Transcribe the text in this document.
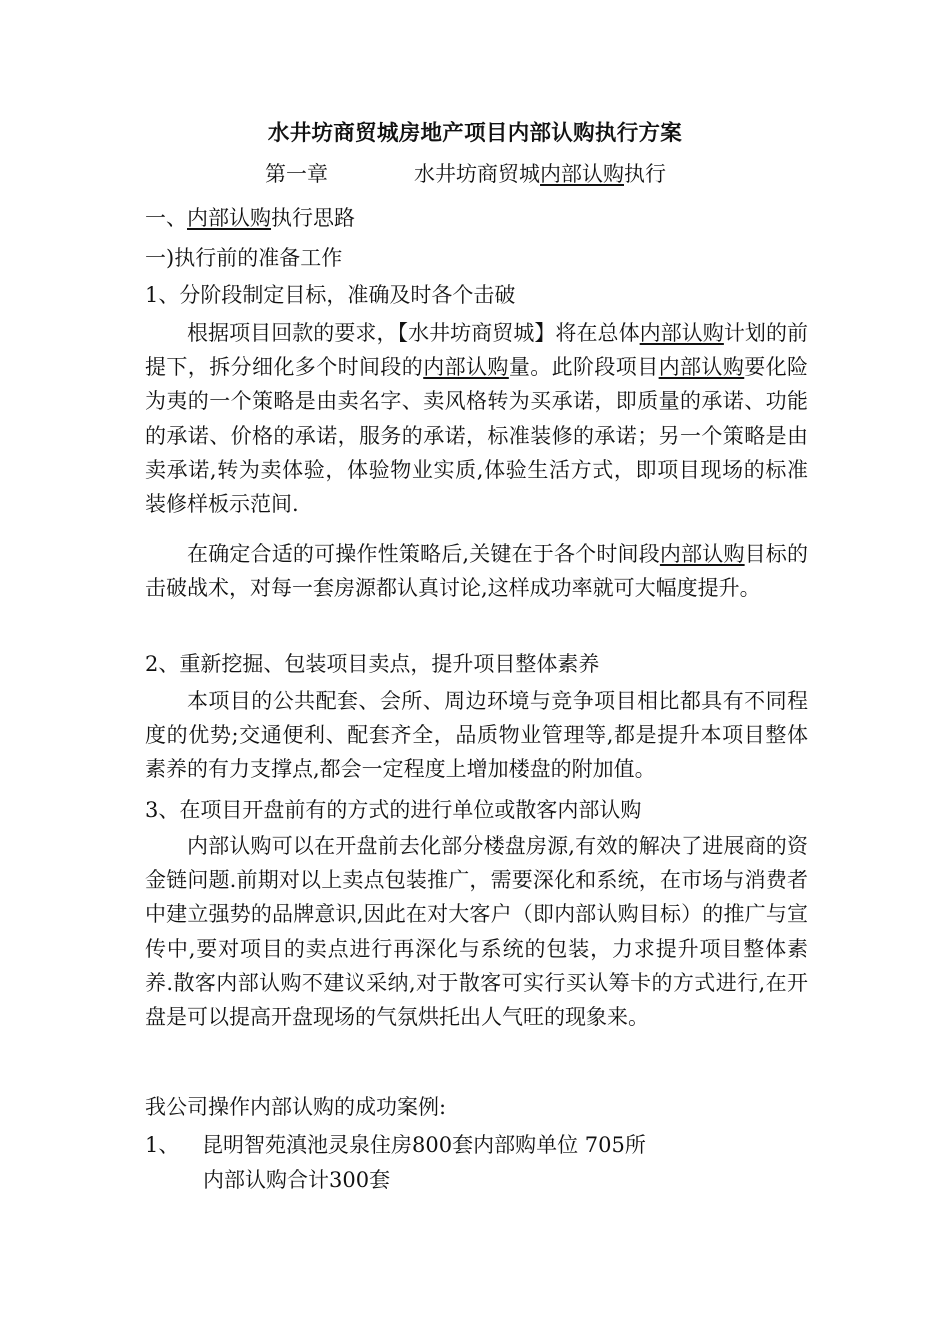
水井坊商贸城房地产项目内部认购执行方案
第一章	水井坊商贸城内部认购执行
一、内部认购执行思路
一)执行前的准备工作
1、分阶段制定目标，准确及时各个击破
根据项目回款的要求，【水井坊商贸城】将在总体内部认购计划的前提下，拆分细化多个时间段的内部认购量。此阶段项目内部认购要化险为夷的一个策略是由卖名字、卖风格转为买承诺，即质量的承诺、功能的承诺、价格的承诺，服务的承诺，标准装修的承诺；另一个策略是由卖承诺,转为卖体验，体验物业实质,体验生活方式，即项目现场的标准装修样板示范间.
在确定合适的可操作性策略后,关键在于各个时间段内部认购目标的击破战术，对每一套房源都认真讨论,这样成功率就可大幅度提升。
2、重新挖掘、包装项目卖点，提升项目整体素养
本项目的公共配套、会所、周边环境与竞争项目相比都具有不同程度的优势;交通便利、配套齐全，品质物业管理等,都是提升本项目整体素养的有力支撑点,都会一定程度上增加楼盘的附加值。
3、在项目开盘前有的方式的进行单位或散客内部认购
内部认购可以在开盘前去化部分楼盘房源,有效的解决了进展商的资金链问题.前期对以上卖点包装推广，需要深化和系统，在市场与消费者中建立强势的品牌意识,因此在对大客户（即内部认购目标）的推广与宣传中,要对项目的卖点进行再深化与系统的包装，力求提升项目整体素养.散客内部认购不建议采纳,对于散客可实行买认筹卡的方式进行,在开盘是可以提高开盘现场的气氛烘托出人气旺的现象来。
我公司操作内部认购的成功案例:
1、 昆明智苑滇池灵泉住房800套内部购单位 705所
内部认购合计300套
